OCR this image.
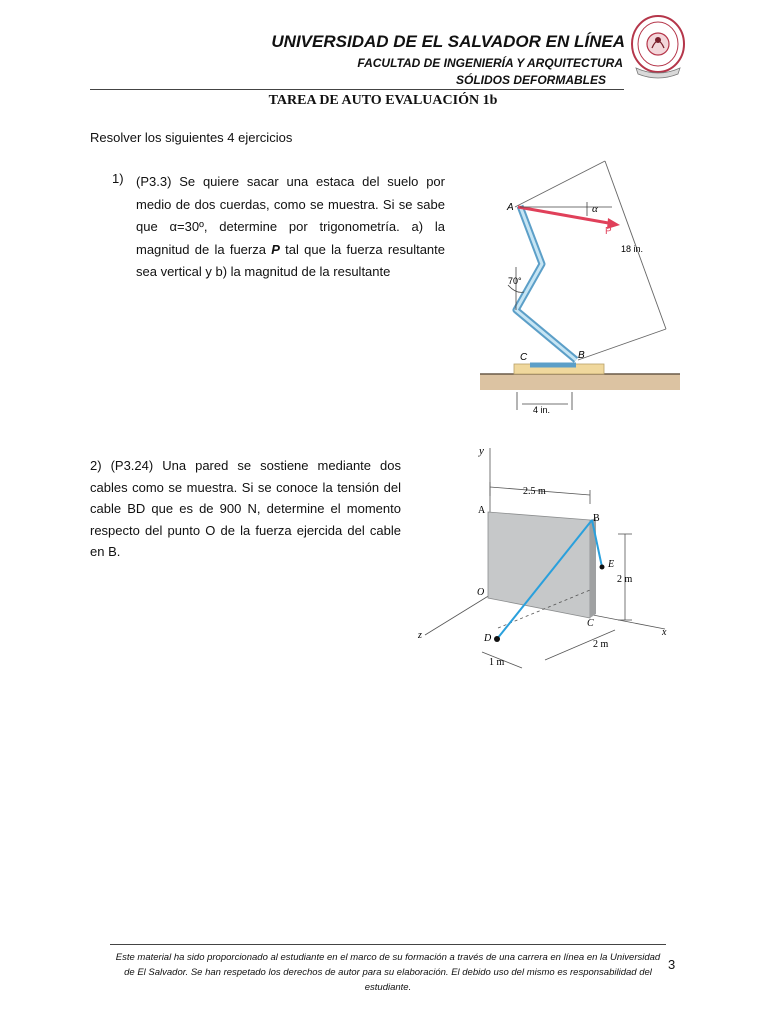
UNIVERSIDAD DE EL SALVADOR EN LÍNEA
FACULTAD DE INGENIERÍA Y ARQUITECTURA
SÓLIDOS DEFORMABLES
TAREA DE AUTO EVALUACIÓN 1b
Resolver los siguientes 4 ejercicios
1) (P3.3) Se quiere sacar una estaca del suelo por medio de dos cuerdas, como se muestra. Si se sabe que α=30º, determine por trigonometría. a) la magnitud de la fuerza P tal que la fuerza resultante sea vertical y b) la magnitud de la resultante
A	α
P
18 in.
70°
C	B
4 in.
2) (P3.24) Una pared se sostiene mediante dos cables como se muestra. Si se conoce la tensión del cable BD que es de 900 N, determine el momento respecto del punto O de la fuerza ejercida del cable en B.
y
2.5 m
A
B
E
2 m
O
C
x
z	D
2 m
1 m
Este material ha sido proporcionado al estudiante en el marco de su formación a través de una carrera en línea en la Universidad de El Salvador. Se han respetado los derechos de autor para su elaboración. El debido uso del mismo es responsabilidad del estudiante.
3
